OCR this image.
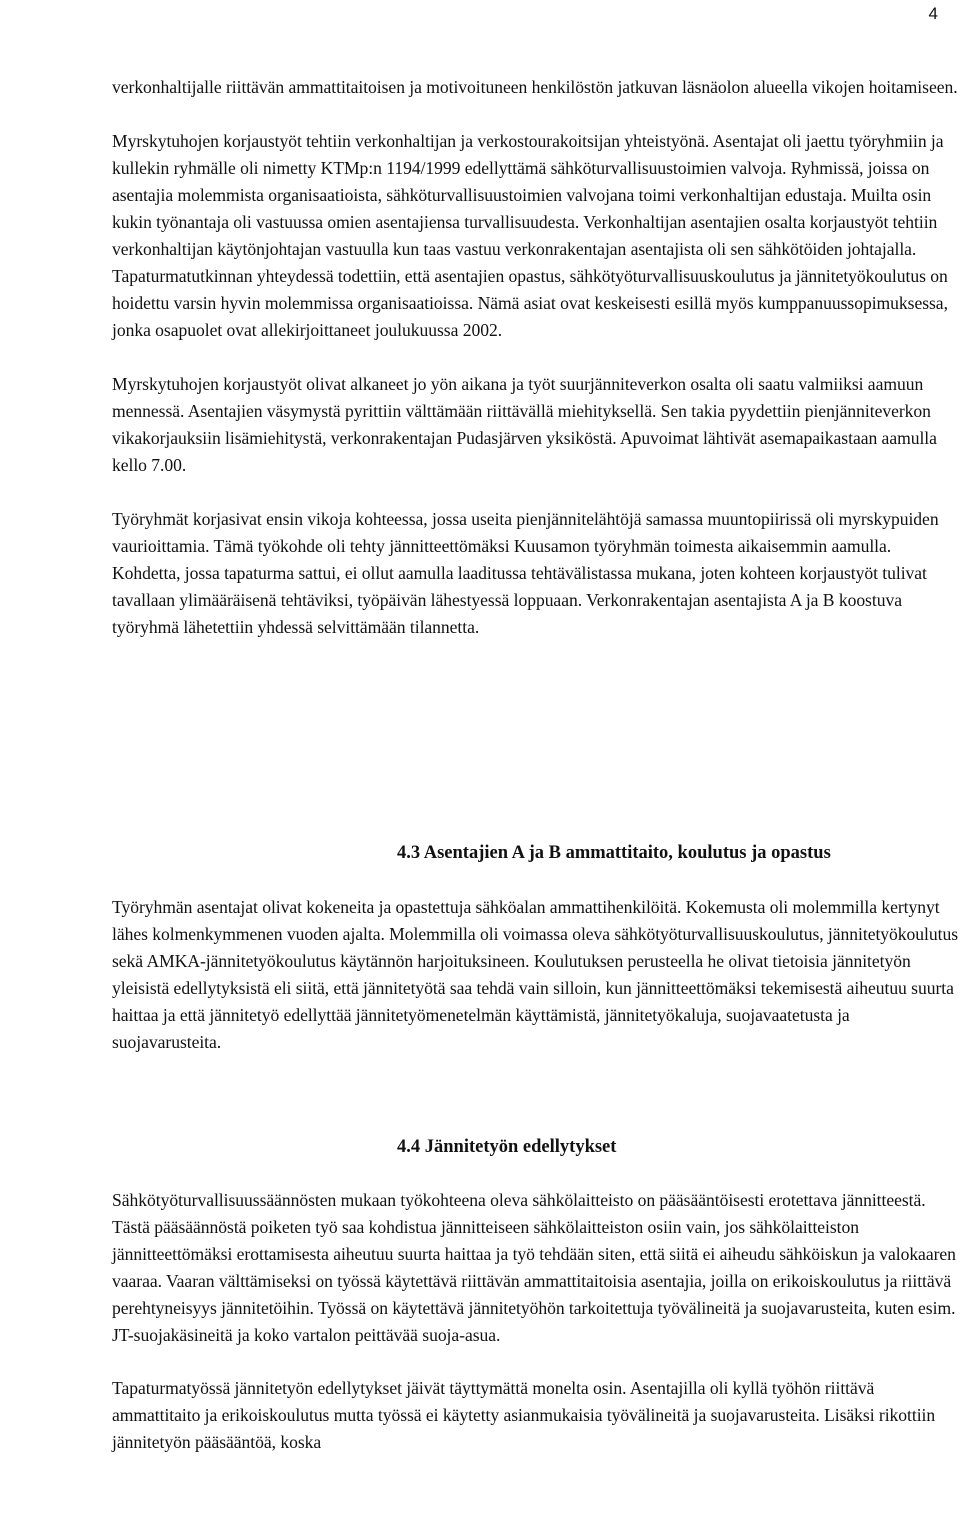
4

verkonhaltijalle riittävän ammattitaitoisen ja motivoituneen henkilöstön jatkuvan läsnäolon alueella vikojen hoitamiseen.

Myrskytuhojen korjaustyöt tehtiin verkonhaltijan ja verkostourakoitsijan yhteistyönä. Asentajat oli jaettu työryhmiin ja kullekin ryhmälle oli nimetty KTMp:n 1194/1999 edellyttämä sähköturvallisuustoimien valvoja. Ryhmissä, joissa on asentajia molemmista organisaatioista, sähköturvallisuustoimien valvojana toimi verkonhaltijan edustaja. Muilta osin kukin työnantaja oli vastuussa omien asentajiensa turvallisuudesta. Verkonhaltijan asentajien osalta korjaustyöt tehtiin verkonhaltijan käytönjohtajan vastuulla kun taas vastuu verkonrakentajan asentajista oli sen sähkötöiden johtajalla. Tapaturmatutkinnan yhteydessä todettiin, että asentajien opastus, sähkötyöturvallisuuskoulutus ja jännitetyökoulutus on hoidettu varsin hyvin molemmissa organisaatioissa. Nämä asiat ovat keskeisesti esillä myös kumppanuussopimuksessa, jonka osapuolet ovat allekirjoittaneet joulukuussa 2002.

Myrskytuhojen korjaustyöt olivat alkaneet jo yön aikana ja työt suurjänniteverkon osalta oli saatu valmiiksi aamuun mennessä. Asentajien väsymystä pyrittiin välttämään riittävällä miehityksellä. Sen takia pyydettiin pienjänniteverkon vikakorjauksiin lisämiehitystä, verkonrakentajan Pudasjärven yksiköstä. Apuvoimat lähtivät asemapaikastaan aamulla kello 7.00.

Työryhmät korjasivat ensin vikoja kohteessa, jossa useita pienjännitelähtöjä samassa muuntopiirissä oli myrskypuiden vaurioittamia. Tämä työkohde oli tehty jännitteettömäksi Kuusamon työryhmän toimesta aikaisemmin aamulla. Kohdetta, jossa tapaturma sattui, ei ollut aamulla laaditussa tehtävälistassa mukana, joten kohteen korjaustyöt tulivat tavallaan ylimääräisenä tehtäviksi, työpäivän lähestyessä loppuaan. Verkonrakentajan asentajista A ja B koostuva työryhmä lähetettiin yhdessä selvittämään tilannetta.

4.3 Asentajien A ja B ammattitaito, koulutus ja opastus

Työryhmän asentajat olivat kokeneita ja opastettuja sähköalan ammattihenkilöitä. Kokemusta oli molemmilla kertynyt lähes kolmenkymmenen vuoden ajalta. Molemmilla oli voimassa oleva sähkötyöturvallisuuskoulutus, jännitetyökoulutus sekä AMKA-jännitetyökoulutus käytännön harjoituksineen. Koulutuksen perusteella he olivat tietoisia jännitetyön yleisistä edellytyksistä eli siitä, että jännitetyötä saa tehdä vain silloin, kun jännitteettömäksi tekemisestä aiheutuu suurta haittaa ja että jännitetyö edellyttää jännitetyömenetelmän käyttämistä, jännitetyökaluja, suojavaatetusta ja suojavarusteita.

4.4 Jännitetyön edellytykset

Sähkötyöturvallisuussäännösten mukaan työkohteena oleva sähkölaitteisto on pääsääntöisesti erotettava jännitteestä. Tästä pääsäännöstä poiketen työ saa kohdistua jännitteiseen sähkölaitteiston osiin vain, jos sähkölaitteiston jännitteettömäksi erottamisesta aiheutuu suurta haittaa ja työ tehdään siten, että siitä ei aiheudu sähköiskun ja valokaaren vaaraa. Vaaran välttämiseksi on työssä käytettävä riittävän ammattitaitoisia asentajia, joilla on erikoiskoulutus ja riittävä perehtyneisyys jännitetöihin. Työssä on käytettävä jännitetyöhön tarkoitettuja työvälineitä ja suojavarusteita, kuten esim. JT-suojakäsineitä ja koko vartalon peittävää suoja-asua.

Tapaturmatyössä jännitetyön edellytykset jäivät täyttymättä monelta osin. Asentajilla oli kyllä työhön riittävä ammattitaito ja erikoiskoulutus mutta työssä ei käytetty asianmukaisia työvälineitä ja suojavarusteita. Lisäksi rikottiin jännitetyön pääsääntöä, koska
